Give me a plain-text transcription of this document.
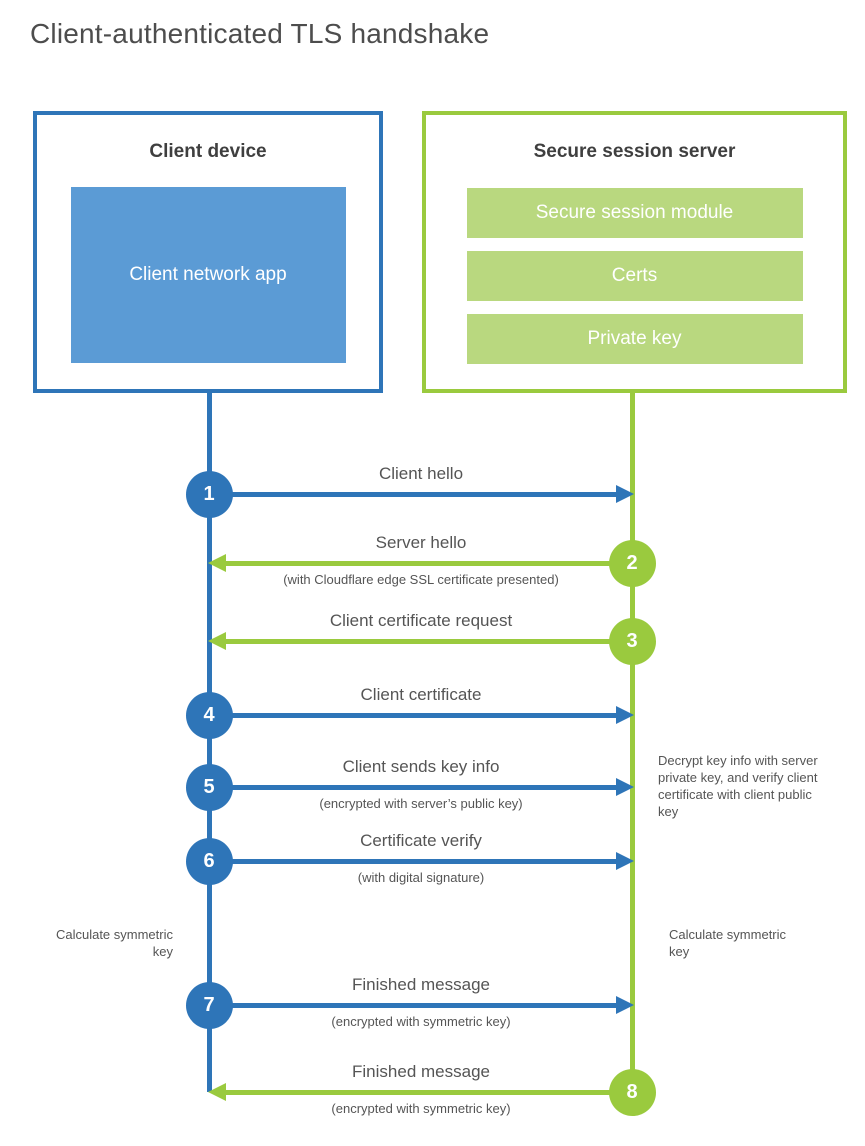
Client-authenticated TLS handshake
Client device
Client network app
Secure session server
Secure session module
Certs
Private key
Client hello
1
Server hello
(with Cloudflare edge SSL certificate presented)
2
Client certificate request
3
Client certificate
4
Client sends key info
(encrypted with server’s public key)
5
Certificate verify
(with digital signature)
6
Finished message
(encrypted with symmetric key)
7
Finished message
(encrypted with symmetric key)
8
Decrypt key info with server private key, and verify client certificate with client public key
Calculate symmetric key
Calculate symmetric key
